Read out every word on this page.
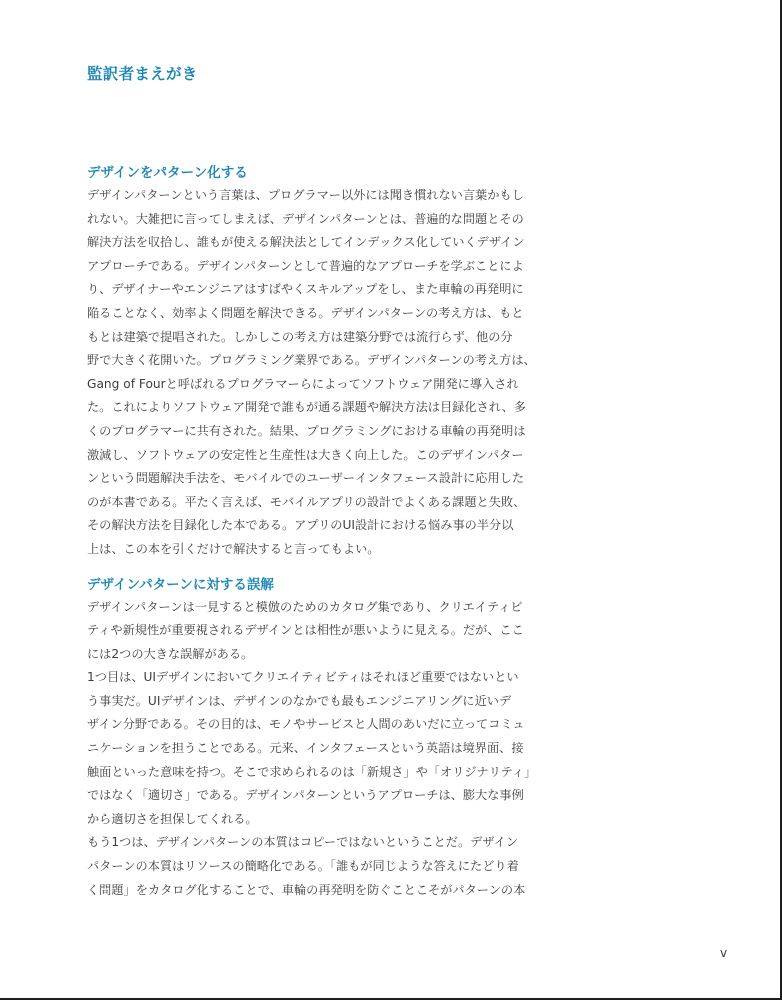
監訳者まえがき
デザインをパターン化する

デザインパターンという言葉は、プログラマー以外には聞き慣れない言葉かもし
れない。大雑把に言ってしまえば、デザインパターンとは、普遍的な問題とその
解決方法を収拾し、誰もが使える解決法としてインデックス化していくデザイン
アプローチである。デザインパターンとして普遍的なアプローチを学ぶことによ
り、デザイナーやエンジニアはすばやくスキルアップをし、また車輪の再発明に
陥ることなく、効率よく問題を解決できる。デザインパターンの考え方は、もと
もとは建築で提唱された。しかしこの考え方は建築分野では流行らず、他の分
野で大きく花開いた。プログラミング業界である。デザインパターンの考え方は、
Gang of Fourと呼ばれるプログラマーらによってソフトウェア開発に導入され
た。これによりソフトウェア開発で誰もが通る課題や解決方法は目録化され、多
くのプログラマーに共有された。結果、プログラミングにおける車輪の再発明は
激減し、ソフトウェアの安定性と生産性は大きく向上した。このデザインパター
ンという問題解決手法を、モバイルでのユーザーインタフェース設計に応用した
のが本書である。平たく言えば、モバイルアプリの設計でよくある課題と失敗、
その解決方法を目録化した本である。アプリのUI設計における悩み事の半分以
上は、この本を引くだけで解決すると言ってもよい。

デザインパターンに対する誤解

デザインパターンは一見すると模倣のためのカタログ集であり、クリエイティビ
ティや新規性が重要視されるデザインとは相性が悪いように見える。だが、ここ
には2つの大きな誤解がある。

1つ目は、UIデザインにおいてクリエイティビティはそれほど重要ではないとい
う事実だ。UIデザインは、デザインのなかでも最もエンジニアリングに近いデ
ザイン分野である。その目的は、モノやサービスと人間のあいだに立ってコミュ
ニケーションを担うことである。元来、インタフェースという英語は境界面、接
触面といった意味を持つ。そこで求められるのは「新規さ」や「オリジナリティ」
ではなく「適切さ」である。デザインパターンというアプローチは、膨大な事例
から適切さを担保してくれる。

もう1つは、デザインパターンの本質はコピーではないということだ。デザイン
パターンの本質はリソースの簡略化である。「誰もが同じような答えにたどり着
く問題」をカタログ化することで、車輪の再発明を防ぐことこそがパターンの本

v
